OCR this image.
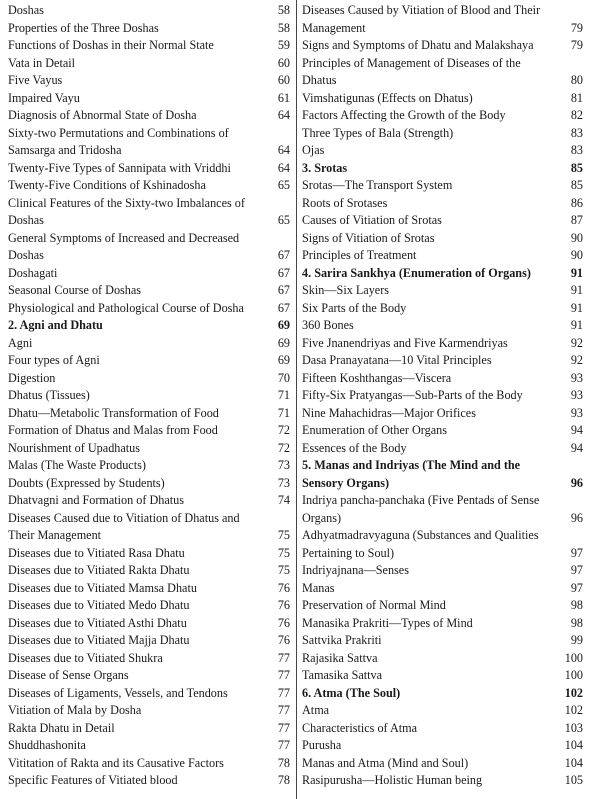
Doshas	58
Properties of the Three Doshas	58
Functions of Doshas in their Normal State	59
Vata in Detail	60
Five Vayus	60
Impaired Vayu	61
Diagnosis of Abnormal State of Dosha	64
Sixty-two Permutations and Combinations of Samsarga and Tridosha	64
Twenty-Five Types of Sannipata with Vriddhi	64
Twenty-Five Conditions of Kshinadosha	65
Clinical Features of the Sixty-two Imbalances of Doshas	65
General Symptoms of Increased and Decreased Doshas	67
Doshagati	67
Seasonal Course of Doshas	67
Physiological and Pathological Course of Dosha	67
2. Agni and Dhatu	69
Agni	69
Four types of Agni	69
Digestion	70
Dhatus (Tissues)	71
Dhatu—Metabolic Transformation of Food	71
Formation of Dhatus and Malas from Food	72
Nourishment of Upadhatus	72
Malas (The Waste Products)	73
Doubts (Expressed by Students)	73
Dhatvagni and Formation of Dhatus	74
Diseases Caused due to Vitiation of Dhatus and Their Management	75
Diseases due to Vitiated Rasa Dhatu	75
Diseases due to Vitiated Rakta Dhatu	75
Diseases due to Vitiated Mamsa Dhatu	76
Diseases due to Vitiated Medo Dhatu	76
Diseases due to Vitiated Asthi Dhatu	76
Diseases due to Vitiated Majja Dhatu	76
Diseases due to Vitiated Shukra	77
Disease of Sense Organs	77
Diseases of Ligaments, Vessels, and Tendons	77
Vitiation of Mala by Dosha	77
Rakta Dhatu in Detail	77
Shuddhashonita	77
Vititation of Rakta and its Causative Factors	78
Specific Features of Vitiated blood	78
Diseases Caused by Vitiation of Blood and Their Management	79
Signs and Symptoms of Dhatu and Malakshaya	79
Principles of Management of Diseases of the Dhatus	80
Vimshatigunas (Effects on Dhatus)	81
Factors Affecting the Growth of the Body	82
Three Types of Bala (Strength)	83
Ojas	83
3. Srotas	85
Srotas—The Transport System	85
Roots of Srotases	86
Causes of Vitiation of Srotas	87
Signs of Vitiation of Srotas	90
Principles of Treatment	90
4. Sarira Sankhya (Enumeration of Organs)	91
Skin—Six Layers	91
Six Parts of the Body	91
360 Bones	91
Five Jnanendriyas and Five Karmendriyas	92
Dasa Pranayatana—10 Vital Principles	92
Fifteen Koshthangas—Viscera	93
Fifty-Six Pratyangas—Sub-Parts of the Body	93
Nine Mahachidras—Major Orifices	93
Enumeration of Other Organs	94
Essences of the Body	94
5. Manas and Indriyas (The Mind and the Sensory Organs)	96
Indriya pancha-panchaka (Five Pentads of Sense Organs)	96
Adhyatmadravyaguna (Substances and Qualities Pertaining to Soul)	97
Indriyajnana—Senses	97
Manas	97
Preservation of Normal Mind	98
Manasika Prakriti—Types of Mind	98
Sattvika Prakriti	99
Rajasika Sattva	100
Tamasika Sattva	100
6. Atma (The Soul)	102
Atma	102
Characteristics of Atma	103
Purusha	104
Manas and Atma (Mind and Soul)	104
Rasipurusha—Holistic Human being	105
